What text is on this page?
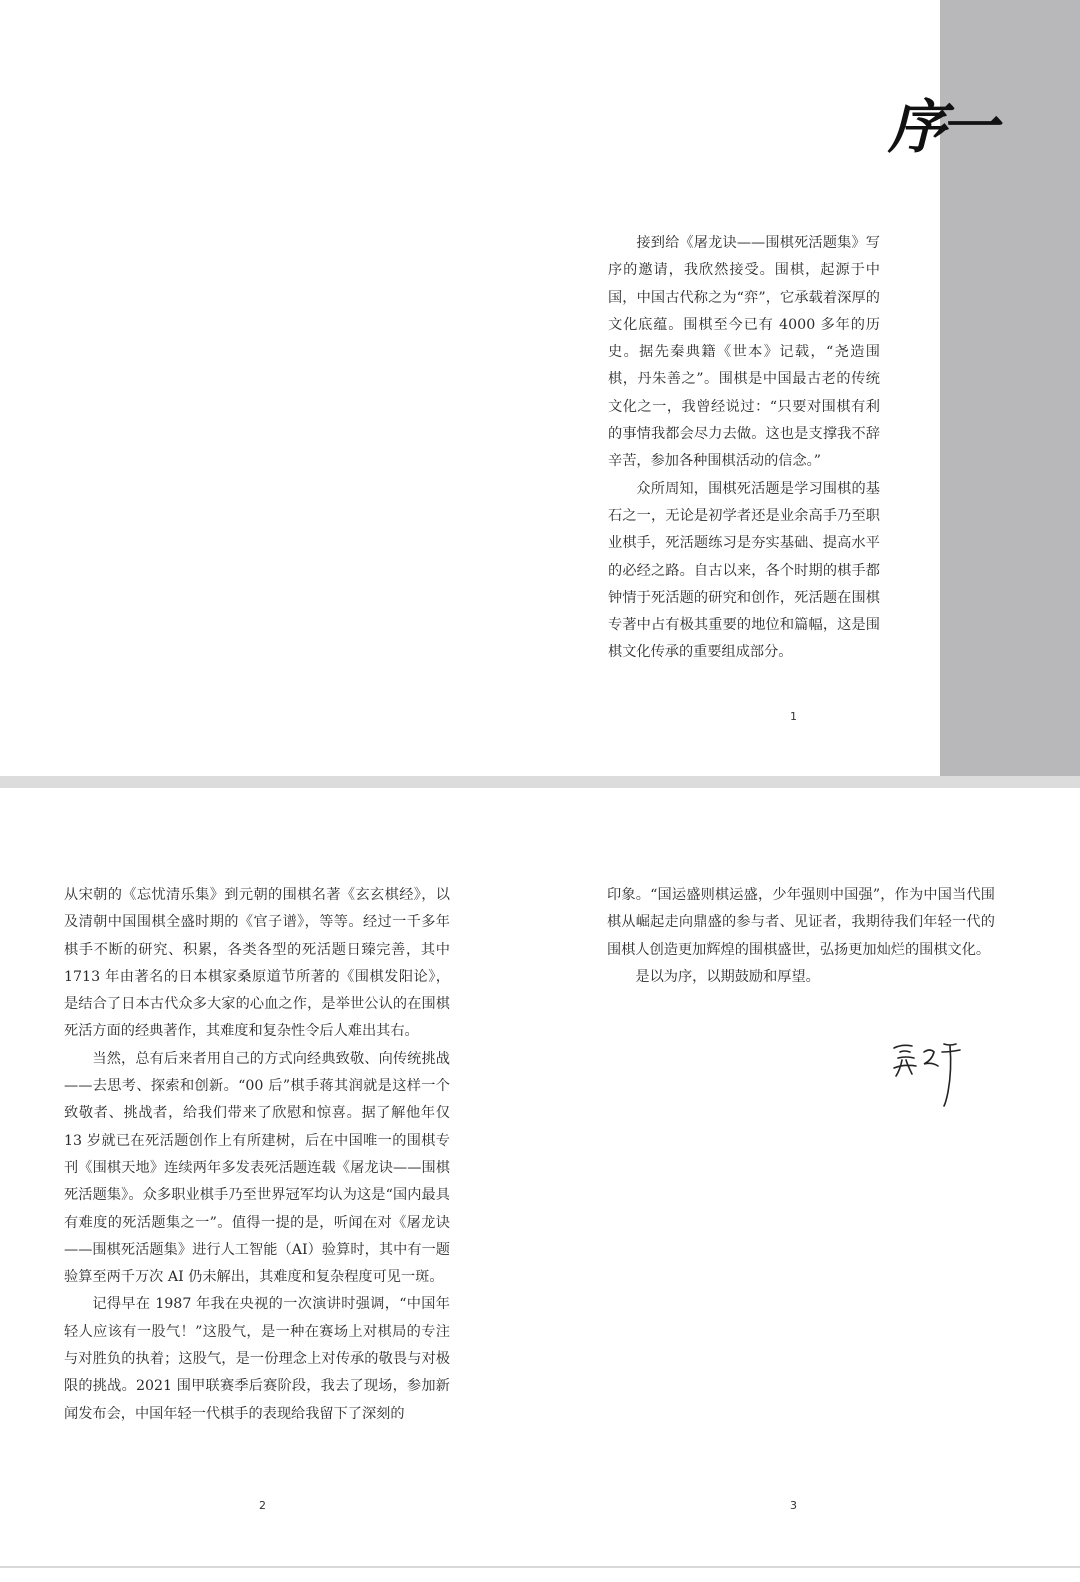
序一

接到给《屠龙诀——围棋死活题集》写序的邀请，我欣然接受。围棋，起源于中国，中国古代称之为“弈”，它承载着深厚的文化底蕴。围棋至今已有 4000 多年的历史。据先秦典籍《世本》记载，“尧造围棋，丹朱善之”。围棋是中国最古老的传统文化之一，我曾经说过：“只要对围棋有利的事情我都会尽力去做。这也是支撑我不辞辛苦，参加各种围棋活动的信念。”

众所周知，围棋死活题是学习围棋的基石之一，无论是初学者还是业余高手乃至职业棋手，死活题练习是夯实基础、提高水平的必经之路。自古以来，各个时期的棋手都钟情于死活题的研究和创作，死活题在围棋专著中占有极其重要的地位和篇幅，这是围棋文化传承的重要组成部分。

1

从宋朝的《忘忧清乐集》到元朝的围棋名著《玄玄棋经》，以及清朝中国围棋全盛时期的《官子谱》，等等。经过一千多年棋手不断的研究、积累，各类各型的死活题日臻完善，其中 1713 年由著名的日本棋家桑原道节所著的《围棋发阳论》，是结合了日本古代众多大家的心血之作，是举世公认的在围棋死活方面的经典著作，其难度和复杂性令后人难出其右。

当然，总有后来者用自己的方式向经典致敬、向传统挑战——去思考、探索和创新。“00 后”棋手蒋其润就是这样一个致敬者、挑战者，给我们带来了欣慰和惊喜。据了解他年仅 13 岁就已在死活题创作上有所建树，后在中国唯一的围棋专刊《围棋天地》连续两年多发表死活题连载《屠龙诀——围棋死活题集》。众多职业棋手乃至世界冠军均认为这是“国内最具有难度的死活题集之一”。值得一提的是，听闻在对《屠龙诀——围棋死活题集》进行人工智能（AI）验算时，其中有一题验算至两千万次 AI 仍未解出，其难度和复杂程度可见一斑。

记得早在 1987 年我在央视的一次演讲时强调，“中国年轻人应该有一股气！”这股气，是一种在赛场上对棋局的专注与对胜负的执着；这股气，是一份理念上对传承的敬畏与对极限的挑战。2021 围甲联赛季后赛阶段，我去了现场，参加新闻发布会，中国年轻一代棋手的表现给我留下了深刻的

2

印象。“国运盛则棋运盛，少年强则中国强”，作为中国当代围棋从崛起走向鼎盛的参与者、见证者，我期待我们年轻一代的围棋人创造更加辉煌的围棋盛世，弘扬更加灿烂的围棋文化。

是以为序，以期鼓励和厚望。

3
